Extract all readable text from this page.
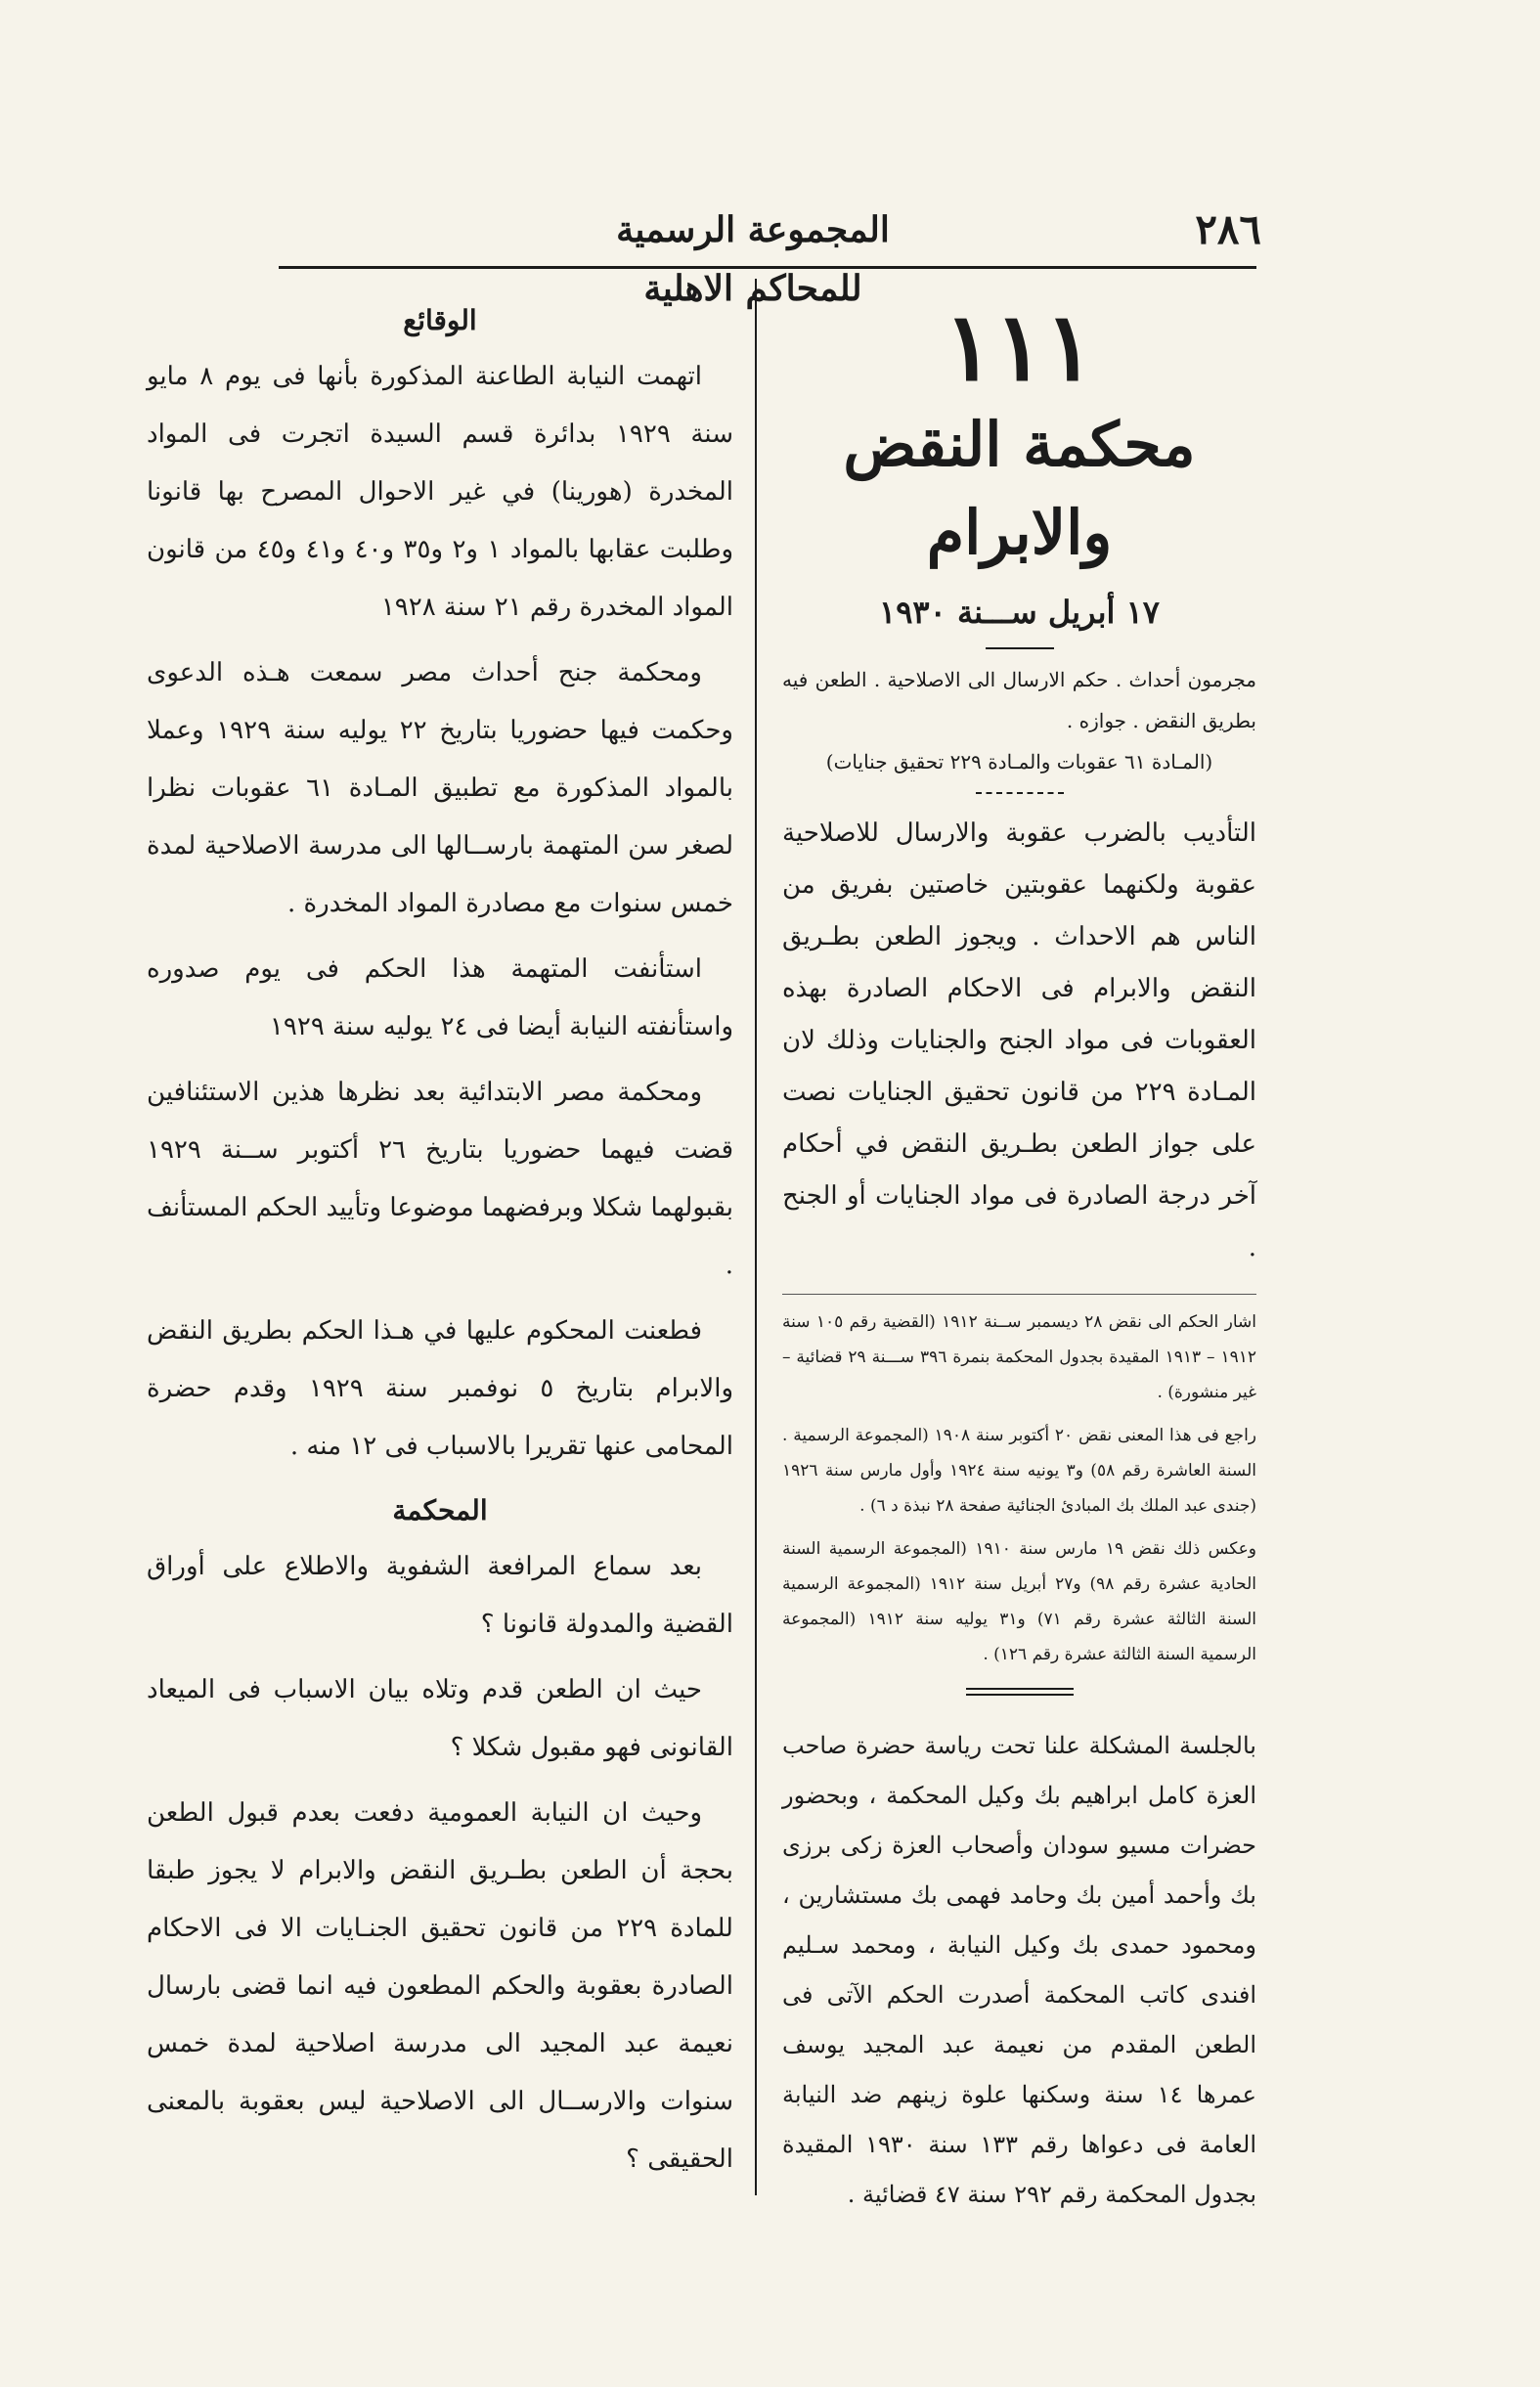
٢٨٦
المجموعة الرسمية للمحاكم الاهلية

١١١

محكمة النقض والابرام

١٧ أبريل ســـنة ١٩٣٠

مجرمون أحداث . حكم الارسال الى الاصلاحية . الطعن فيه بطريق النقض . جوازه .

(المـادة ٦١ عقوبات والمـادة ٢٢٩ تحقيق جنايات)

التأديب بالضرب عقوبة والارسال للاصلاحية عقوبة ولكنهما عقوبتين خاصتين بفريق من الناس هم الاحداث . ويجوز الطعن بطـريق النقض والابرام فى الاحكام الصادرة بهذه العقوبات فى مواد الجنح والجنايات وذلك لان المـادة ٢٢٩ من قانون تحقيق الجنايات نصت على جواز الطعن بطـريق النقض في أحكام آخر درجة الصادرة فى مواد الجنايات أو الجنح .

اشار الحكم الى نقض ٢٨ ديسمبر ســنة ١٩١٢ (القضية رقم ١٠٥ سنة ١٩١٢ – ١٩١٣ المقيدة بجدول المحكمة بنمرة ٣٩٦ ســـنة ٢٩ قضائية – غير منشورة) .

راجع فى هذا المعنى نقض ٢٠ أكتوبر سنة ١٩٠٨ (المجموعة الرسمية . السنة العاشرة رقم ٥٨) و٣ يونيه سنة ١٩٢٤ وأول مارس سنة ١٩٢٦ (جندى عبد الملك بك المبادئ الجنائية صفحة ٢٨ نبذة د ٦) .

وعكس ذلك نقض ١٩ مارس سنة ١٩١٠ (المجموعة الرسمية السنة الحادية عشرة رقم ٩٨) و٢٧ أبريل سنة ١٩١٢ (المجموعة الرسمية السنة الثالثة عشرة رقم ٧١) و٣١ يوليه سنة ١٩١٢ (المجموعة الرسمية السنة الثالثة عشرة رقم ١٢٦) .

بالجلسة المشكلة علنا تحت رياسة حضرة صاحب العزة كامل ابراهيم بك وكيل المحكمة ، وبحضور حضرات مسيو سودان وأصحاب العزة زكى برزى بك وأحمد أمين بك وحامد فهمى بك مستشارين ، ومحمود حمدى بك وكيل النيابة ، ومحمد سـليم افندى كاتب المحكمة أصدرت الحكم الآتى فى الطعن المقدم من نعيمة عبد المجيد يوسف عمرها ١٤ سنة وسكنها علوة زينهم ضد النيابة العامة فى دعواها رقم ١٣٣ سنة ١٩٣٠ المقيدة بجدول المحكمة رقم ٢٩٢ سنة ٤٧ قضائية .

الوقائع

اتهمت النيابة الطاعنة المذكورة بأنها فى يوم ٨ مايو سنة ١٩٢٩ بدائرة قسم السيدة اتجرت فى المواد المخدرة (هورينا) في غير الاحوال المصرح بها قانونا وطلبت عقابها بالمواد ١ و٢ و٣٥ و٤٠ و٤١ و٤٥ من قانون المواد المخدرة رقم ٢١ سنة ١٩٢٨

ومحكمة جنح أحداث مصر سمعت هـذه الدعوى وحكمت فيها حضوريا بتاريخ ٢٢ يوليه سنة ١٩٢٩ وعملا بالمواد المذكورة مع تطبيق المـادة ٦١ عقوبات نظرا لصغر سن المتهمة بارســالها الى مدرسة الاصلاحية لمدة خمس سنوات مع مصادرة المواد المخدرة .

استأنفت المتهمة هذا الحكم فى يوم صدوره واستأنفته النيابة أيضا فى ٢٤ يوليه سنة ١٩٢٩

ومحكمة مصر الابتدائية بعد نظرها هذين الاستئنافين قضت فيهما حضوريا بتاريخ ٢٦ أكتوبر ســنة ١٩٢٩ بقبولهما شكلا وبرفضهما موضوعا وتأييد الحكم المستأنف .

فطعنت المحكوم عليها في هـذا الحكم بطريق النقض والابرام بتاريخ ٥ نوفمبر سنة ١٩٢٩ وقدم حضرة المحامى عنها تقريرا بالاسباب فى ١٢ منه .

المحكمة

بعد سماع المرافعة الشفوية والاطلاع على أوراق القضية والمدولة قانونا ؟

حيث ان الطعن قدم وتلاه بيان الاسباب فى الميعاد القانونى فهو مقبول شكلا ؟

وحيث ان النيابة العمومية دفعت بعدم قبول الطعن بحجة أن الطعن بطـريق النقض والابرام لا يجوز طبقا للمادة ٢٢٩ من قانون تحقيق الجنـايات الا فى الاحكام الصادرة بعقوبة والحكم المطعون فيه انما قضى بارسال نعيمة عبد المجيد الى مدرسة اصلاحية لمدة خمس سنوات والارســال الى الاصلاحية ليس بعقوبة بالمعنى الحقيقى ؟
